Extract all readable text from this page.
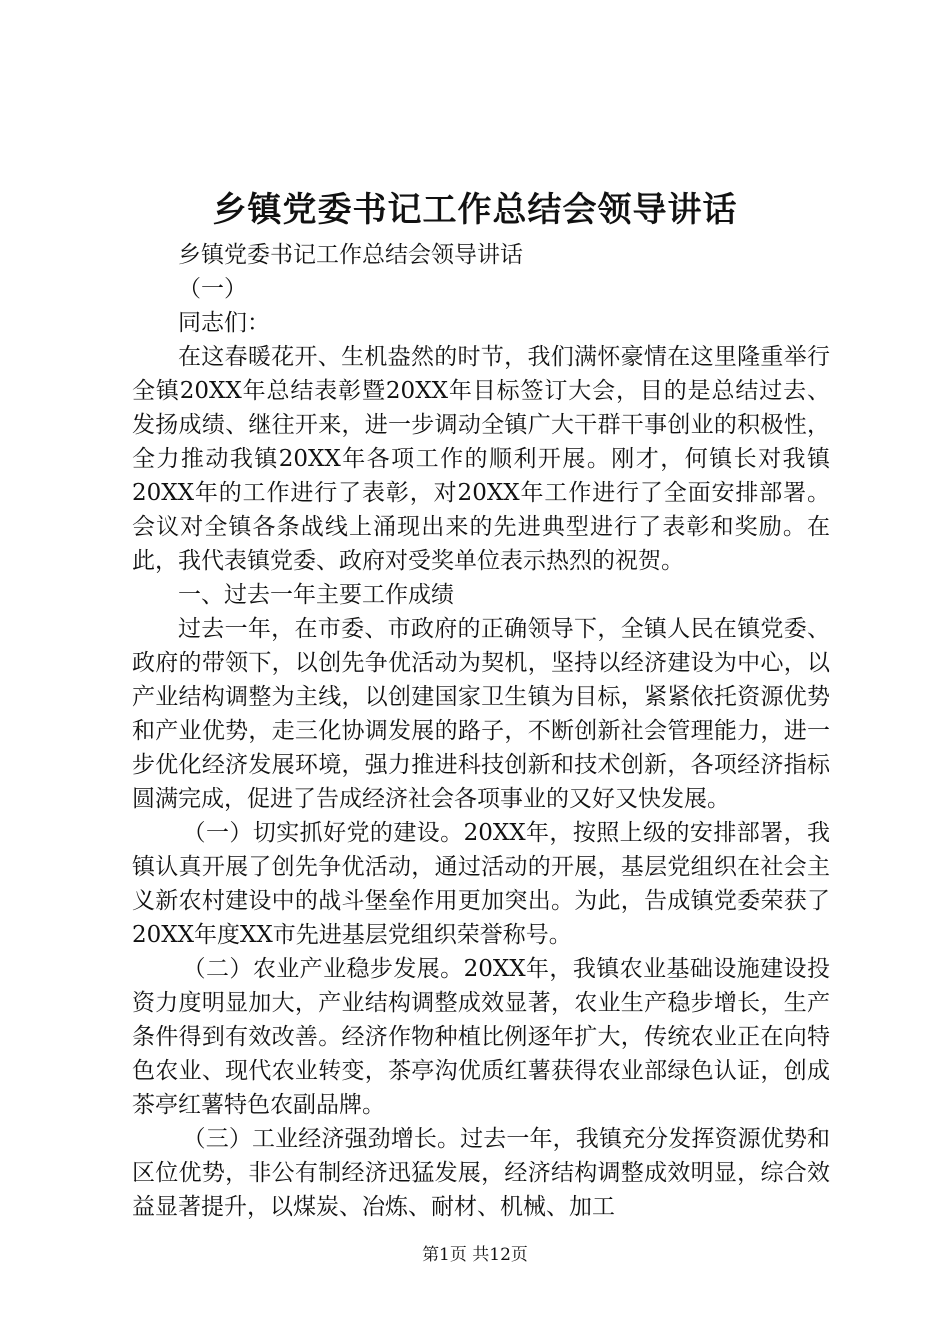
乡镇党委书记工作总结会领导讲话

乡镇党委书记工作总结会领导讲话

（一）

同志们：

在这春暖花开、生机盎然的时节，我们满怀豪情在这里隆重举行全镇20XX年总结表彰暨20XX年目标签订大会，目的是总结过去、发扬成绩、继往开来，进一步调动全镇广大干群干事创业的积极性，全力推动我镇20XX年各项工作的顺利开展。刚才，何镇长对我镇20XX年的工作进行了表彰，对20XX年工作进行了全面安排部署。会议对全镇各条战线上涌现出来的先进典型进行了表彰和奖励。在此，我代表镇党委、政府对受奖单位表示热烈的祝贺。

一、过去一年主要工作成绩

过去一年，在市委、市政府的正确领导下，全镇人民在镇党委、政府的带领下，以创先争优活动为契机，坚持以经济建设为中心，以产业结构调整为主线，以创建国家卫生镇为目标，紧紧依托资源优势和产业优势，走三化协调发展的路子，不断创新社会管理能力，进一步优化经济发展环境，强力推进科技创新和技术创新，各项经济指标圆满完成，促进了告成经济社会各项事业的又好又快发展。

（一）切实抓好党的建设。20XX年，按照上级的安排部署，我镇认真开展了创先争优活动，通过活动的开展，基层党组织在社会主义新农村建设中的战斗堡垒作用更加突出。为此，告成镇党委荣获了20XX年度XX市先进基层党组织荣誉称号。

（二）农业产业稳步发展。20XX年，我镇农业基础设施建设投资力度明显加大，产业结构调整成效显著，农业生产稳步增长，生产条件得到有效改善。经济作物种植比例逐年扩大，传统农业正在向特色农业、现代农业转变，茶亭沟优质红薯获得农业部绿色认证，创成茶亭红薯特色农副品牌。

（三）工业经济强劲增长。过去一年，我镇充分发挥资源优势和区位优势，非公有制经济迅猛发展，经济结构调整成效明显，综合效益显著提升，以煤炭、冶炼、耐材、机械、加工

第1页 共12页
